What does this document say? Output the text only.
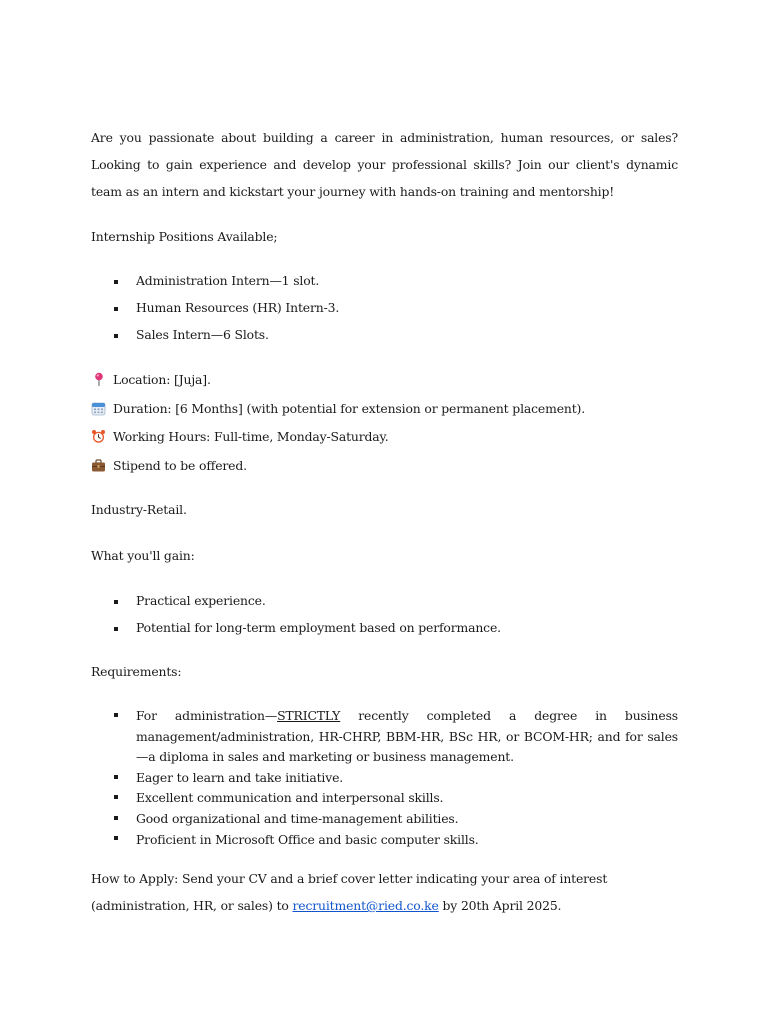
Are you passionate about building a career in administration, human resources, or sales? Looking to gain experience and develop your professional skills? Join our client's dynamic team as an intern and kickstart your journey with hands-on training and mentorship!

Internship Positions Available;

Administration Intern—1 slot.
Human Resources (HR) Intern-3.
Sales Intern—6 Slots.

Location: [Juja].

Duration: [6 Months] (with potential for extension or permanent placement).

Working Hours: Full-time, Monday-Saturday.

Stipend to be offered.

Industry-Retail.

What you'll gain:

Practical experience.
Potential for long-term employment based on performance.

Requirements:

For administration—STRICTLY recently completed a degree in business management/administration, HR-CHRP, BBM-HR, BSc HR, or BCOM-HR; and for sales—a diploma in sales and marketing or business management.
Eager to learn and take initiative.
Excellent communication and interpersonal skills.
Good organizational and time-management abilities.
Proficient in Microsoft Office and basic computer skills.

How to Apply: Send your CV and a brief cover letter indicating your area of interest (administration, HR, or sales) to recruitment@ried.co.ke by 20th April 2025.
